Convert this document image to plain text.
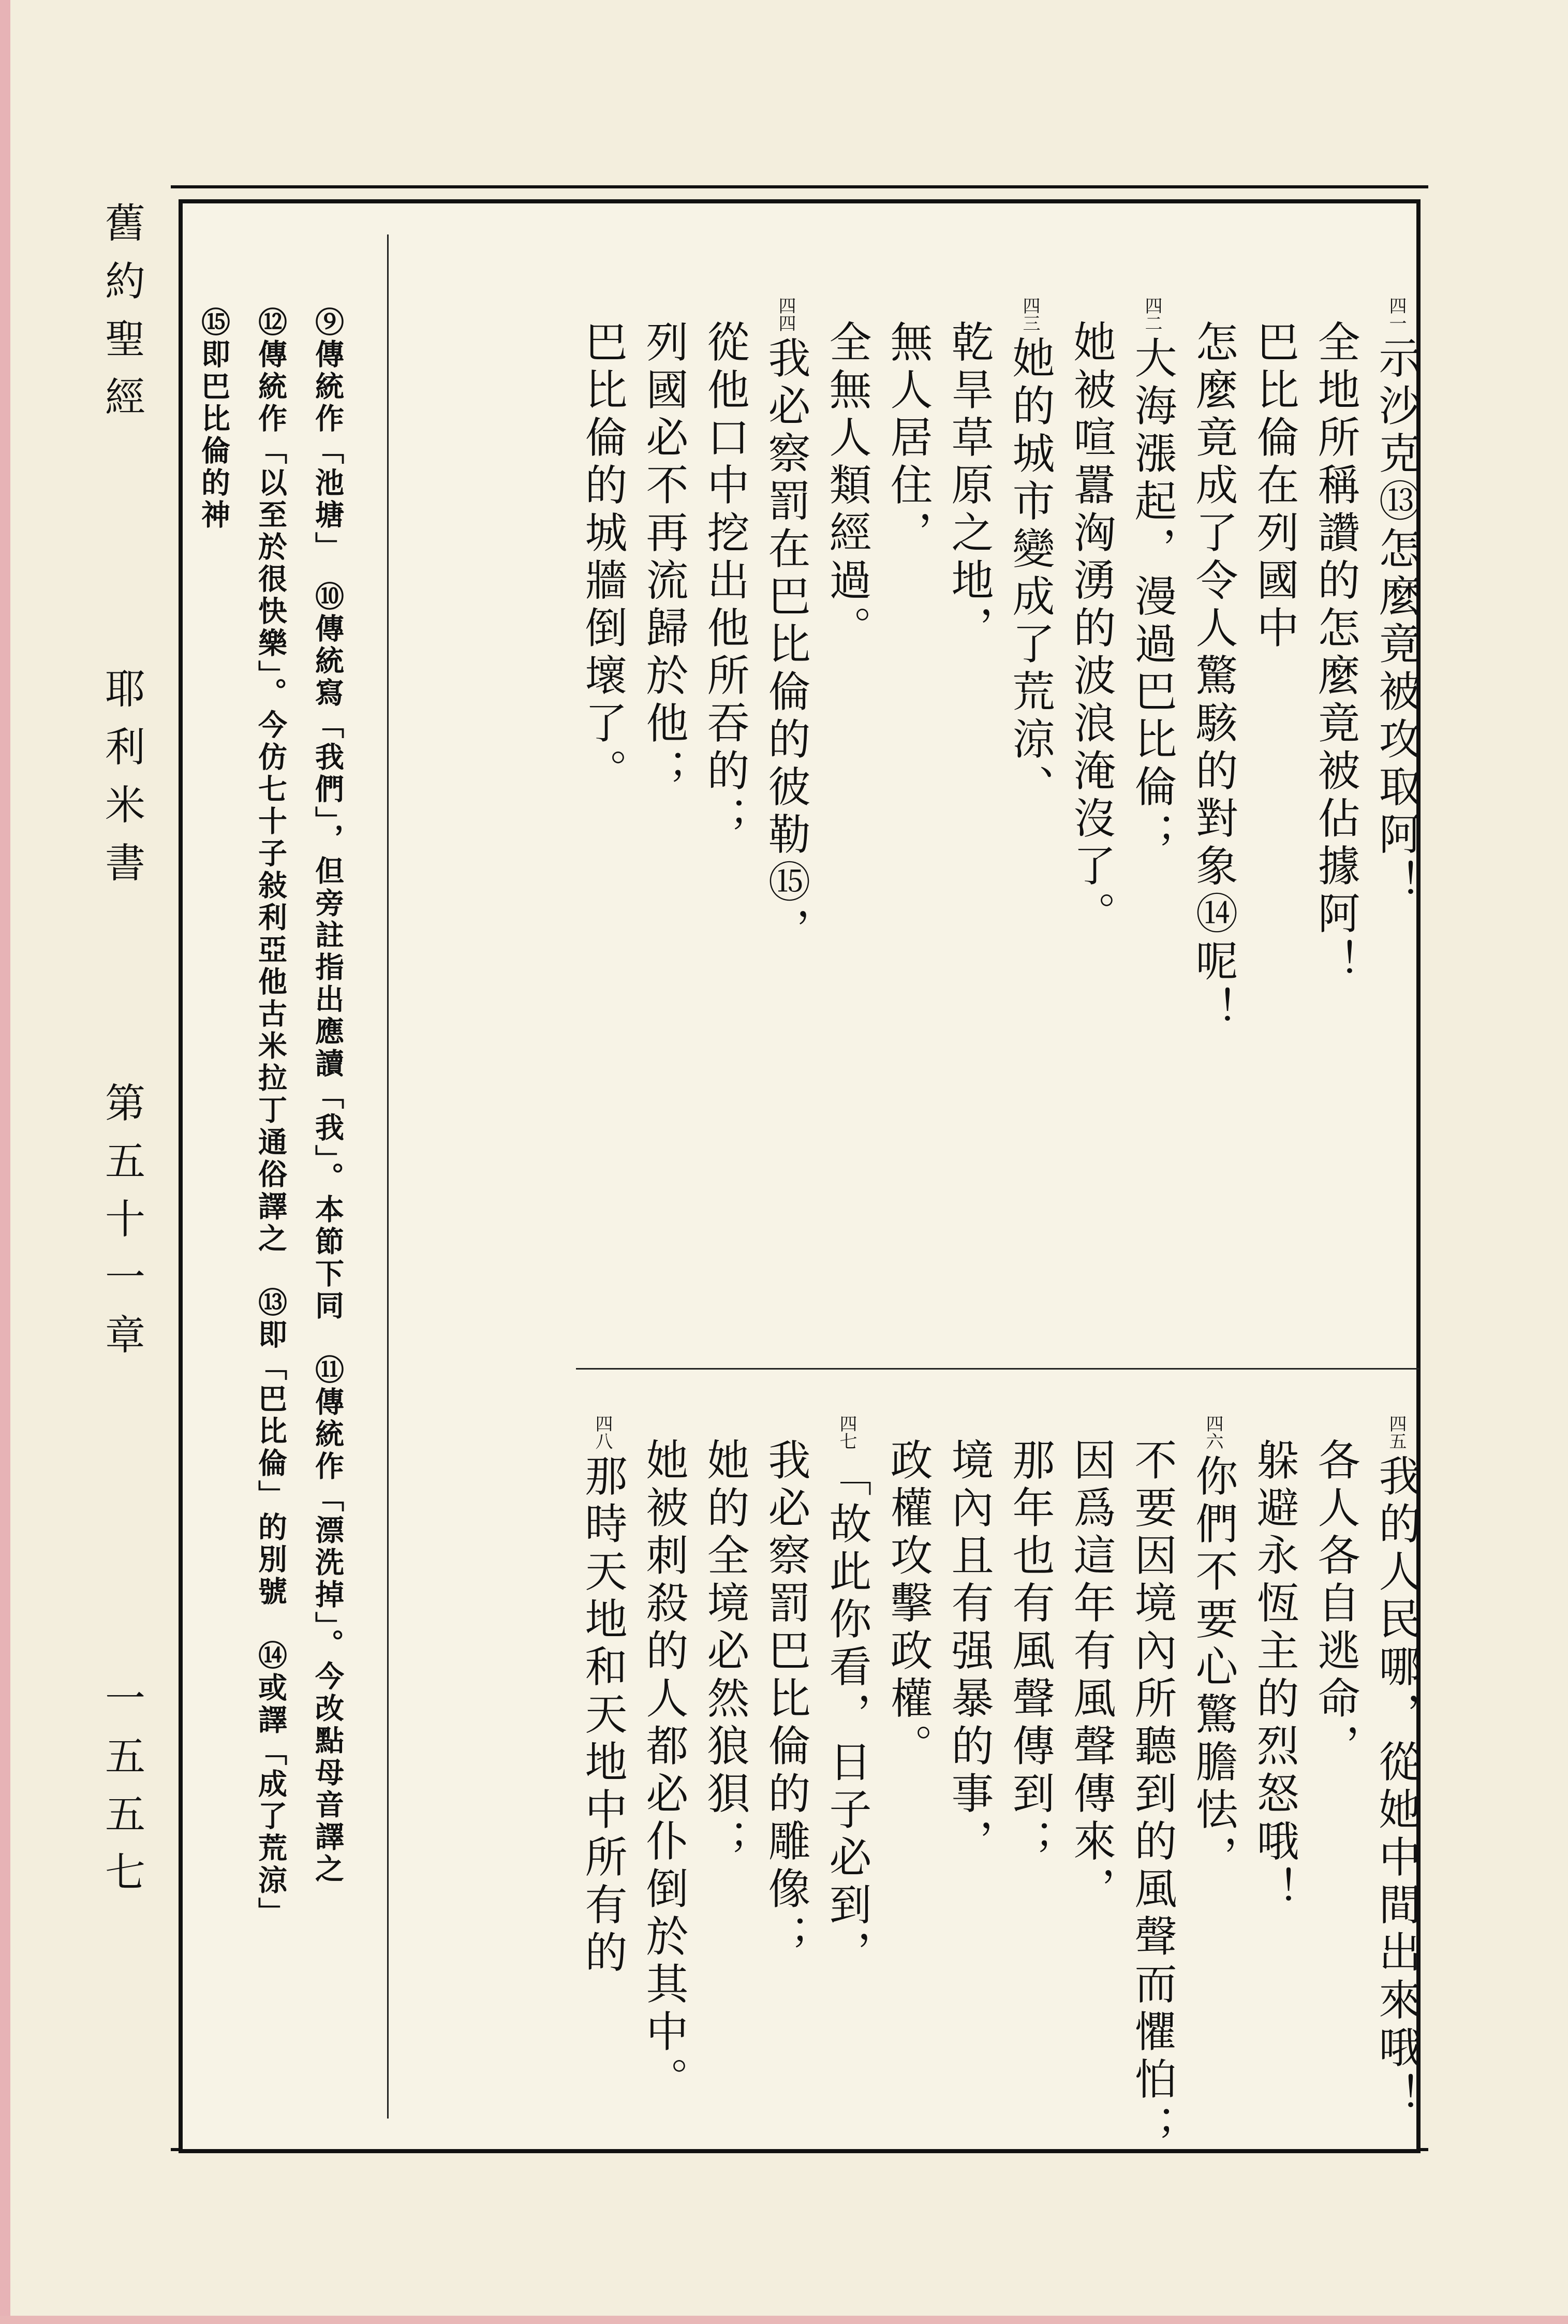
舊約聖經
耶利米書
第五十一章
一五五七
四一示沙克⑬怎麼竟被攻取阿！
全地所稱讚的怎麼竟被佔據阿！
巴比倫在列國中
怎麼竟成了令人驚駭的對象⑭呢！
四二大海漲起，漫過巴比倫；
她被喧囂洶湧的波浪淹沒了。
四三她的城市變成了荒涼、
乾旱草原之地，
無人居住，
全無人類經過。
四四我必察罰在巴比倫的彼勒⑮，
從他口中挖出他所吞的；
列國必不再流歸於他；
巴比倫的城牆倒壞了。
四五我的人民哪，從她中間出來哦！
各人各自逃命，
躲避永恆主的烈怒哦！
四六你們不要心驚膽怯，
不要因境內所聽到的風聲而懼怕；
因爲這年有風聲傳來，
那年也有風聲傳到；
境內且有强暴的事，
政權攻擊政權。
四七「故此你看，日子必到，
我必察罰巴比倫的雕像；
她的全境必然狼狽；
她被刺殺的人都必仆倒於其中。
四八那時天地和天地中所有的
⑨傳統作「池塘」　⑩傳統寫「我們」，但旁註指出應讀「我」。本節下同　⑪傳統作「漂洗掉」。今改點母音譯之
⑫傳統作「以至於很快樂」。今仿七十子敍利亞他古米拉丁通俗譯之　⑬即「巴比倫」的別號　⑭或譯「成了荒涼」
⑮即巴比倫的神
